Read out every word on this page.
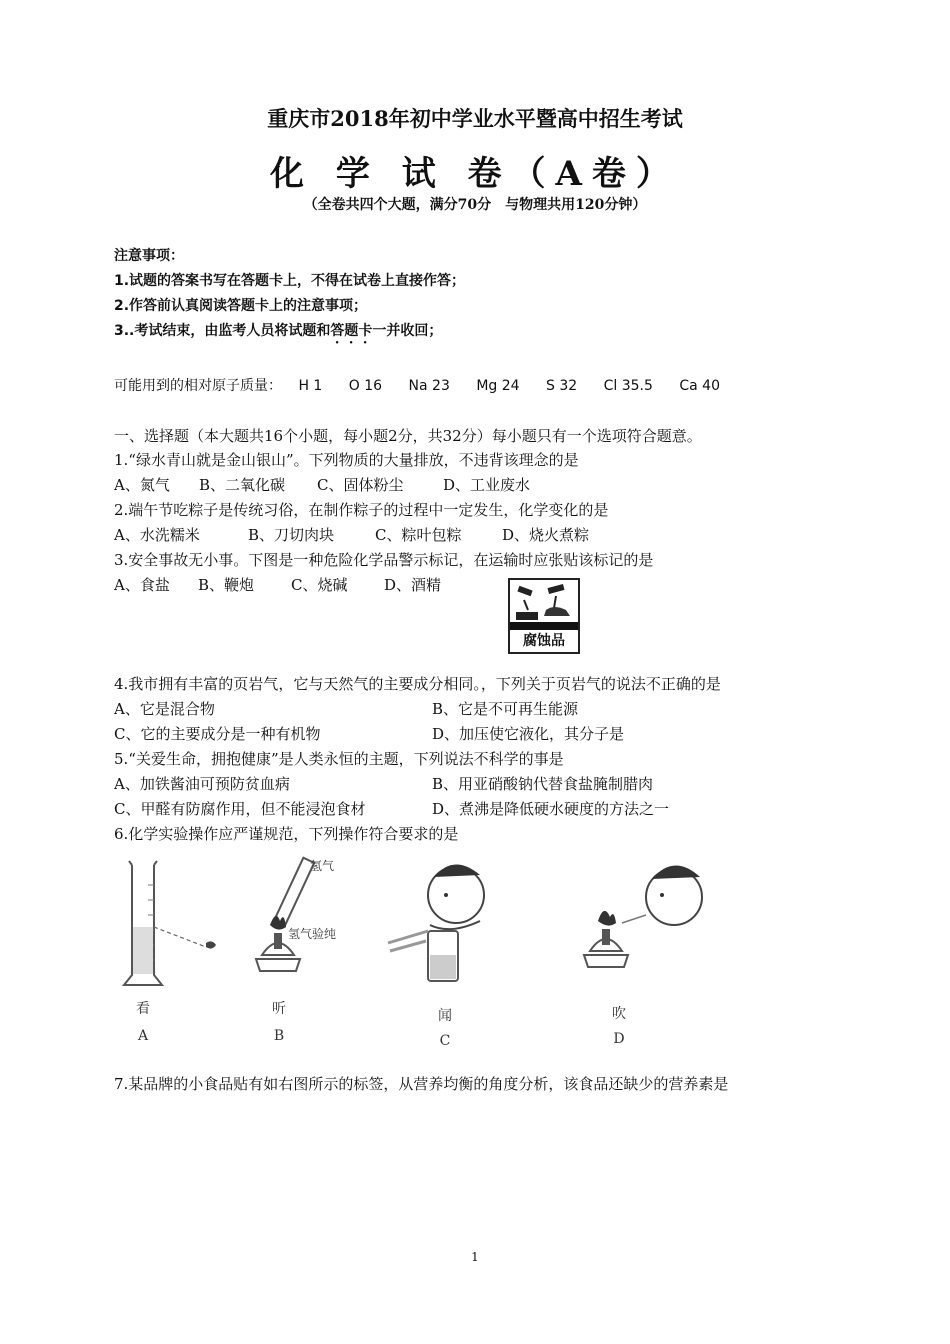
重庆市2018年初中学业水平暨高中招生考试
化 学 试 卷（A卷）
（全卷共四个大题，满分70分　与物理共用120分钟）
注意事项：
1.试题的答案书写在答题卡上，不得在试卷上直接作答；
2.作答前认真阅读答题卡上的注意事项；
3..考试结束，由监考人员将试题和答题卡一并收回；
可能用到的相对原子质量： H 1 O 16 Na 23 Mg 24 S 32 Cl 35.5 Ca 40
一、选择题（本大题共16个小题，每小题2分，共32分）每小题只有一个选项符合题意。
1.“绿水青山就是金山银山”。下列物质的大量排放，不违背该理念的是
A、氮气 B、二氧化碳 C、固体粉尘	D、工业废水
2.端午节吃粽子是传统习俗，在制作粽子的过程中一定发生，化学变化的是
A、水洗糯米	B、刀切肉块	C、粽叶包粽	D、烧火煮粽
3.安全事故无小事。下图是一种危险化学品警示标记，在运输时应张贴该标记的是
A、食盐 B、鞭炮 C、烧碱 D、酒精
腐蚀品
4.我市拥有丰富的页岩气，它与天然气的主要成分相同。，下列关于页岩气的说法不正确的是
A、它是混合物	B、它是不可再生能源
C、它的主要成分是一种有机物	D、加压使它液化，其分子是
5.“关爱生命，拥抱健康”是人类永恒的主题，下列说法不科学的事是
A、加铁酱油可预防贫血病	B、用亚硝酸钠代替食盐腌制腊肉
C、甲醛有防腐作用，但不能浸泡食材	D、煮沸是降低硬水硬度的方法之一
6.化学实验操作应严谨规范，下列操作符合要求的是
看
A
氢气
氢气验纯
听
B
闻
C
吹
D
7.某品牌的小食品贴有如右图所示的标签，从营养均衡的角度分析，该食品还缺少的营养素是
1
